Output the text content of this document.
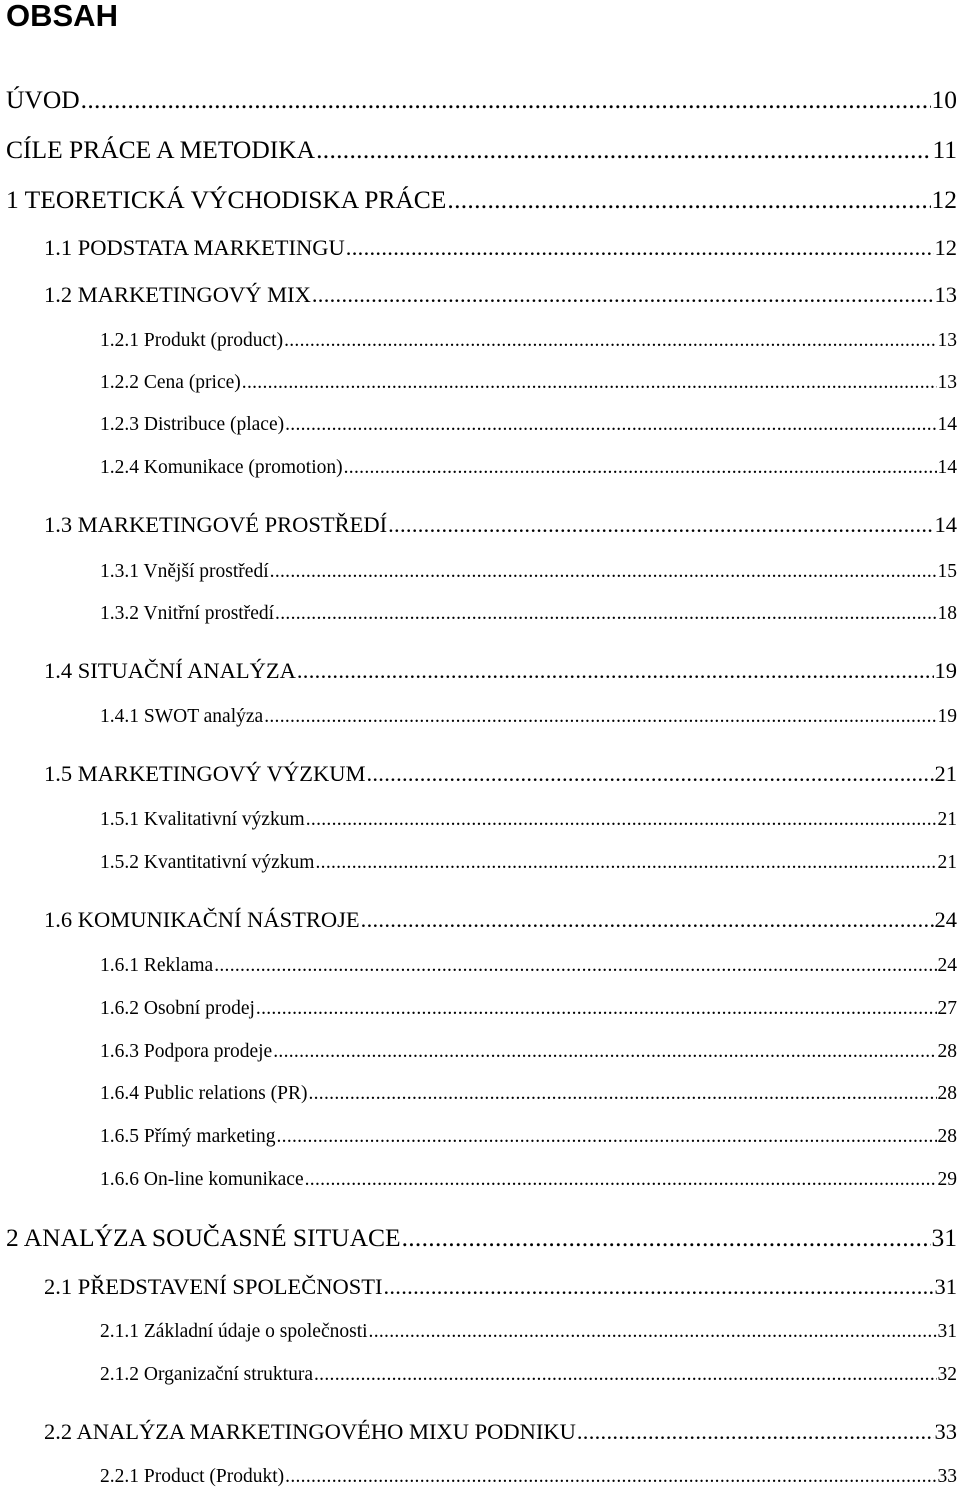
OBSAH
ÚVOD .....	10
CÍLE PRÁCE A METODIKA .....	11
1 TEORETICKÁ VÝCHODISKA PRÁCE .....	12
1.1 PODSTATA MARKETINGU .....	12
1.2 MARKETINGOVÝ MIX .....	13
1.2.1 Produkt (product) .....	13
1.2.2 Cena (price) .....	13
1.2.3 Distribuce (place) .....	14
1.2.4 Komunikace (promotion) .....	14
1.3 MARKETINGOVÉ PROSTŘEDÍ .....	14
1.3.1 Vnější prostředí .....	15
1.3.2 Vnitřní prostředí .....	18
1.4 SITUAČNÍ ANALÝZA .....	19
1.4.1 SWOT analýza .....	19
1.5 MARKETINGOVÝ VÝZKUM .....	21
1.5.1 Kvalitativní výzkum .....	21
1.5.2 Kvantitativní výzkum .....	21
1.6 KOMUNIKAČNÍ NÁSTROJE .....	24
1.6.1 Reklama .....	24
1.6.2 Osobní prodej .....	27
1.6.3 Podpora prodeje .....	28
1.6.4 Public relations (PR) .....	28
1.6.5 Přímý marketing .....	28
1.6.6 On-line komunikace .....	29
2 ANALÝZA SOUČASNÉ SITUACE .....	31
2.1 PŘEDSTAVENÍ SPOLEČNOSTI .....	31
2.1.1 Základní údaje o společnosti .....	31
2.1.2 Organizační struktura .....	32
2.2 ANALÝZA MARKETINGOVÉHO MIXU PODNIKU .....	33
2.2.1 Product (Produkt) .....	33
